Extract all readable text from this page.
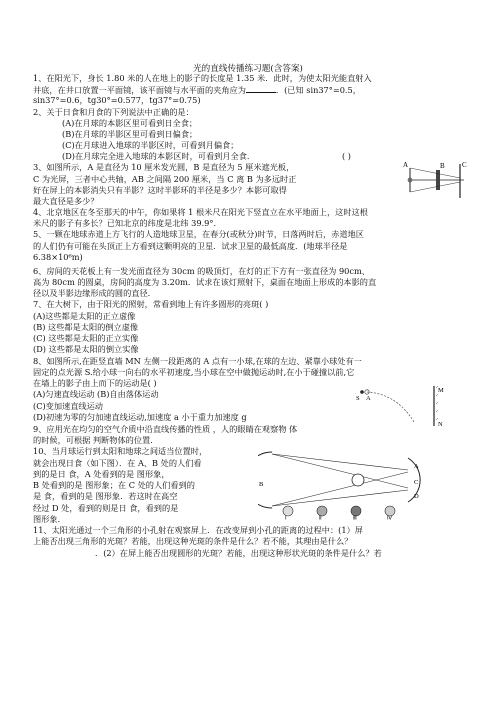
光的直线传播练习题(含答案)
1、在阳光下，身长 1.80 米的人在地上的影子的长度是 1.35 米．此时，为使太阳光能直射入
井底，在井口放置一平面镜，该平面镜与水平面的夹角应为	．(已知 sin37°=0.5，
sin37°=0.6，tg30°=0.577，tg37°=0.75)
2、关于日食和月食的下列说法中正确的是：
(A)在月球的本影区里可看到日全食；
(B)在月球的半影区里可看到日偏食；
(C)在月球进入地球的半影区时，可看到月偏食；
(D)在月球完全进入地球的本影区时，可看到月全食．	( )
3、如图所示，A 是直径为 10 厘米发光圆，B 是直径为 5 厘米遮光板，
C 为光屏，三者中心共轴，AB 之间隔 200 厘米，当 C 离 B 为多远时正
好在屏上的本影消失只有半影？这时半影环的半径是多少？本影可取得
最大直径是多少？
A	B C
4、北京地区在冬至那天的中午，你如果将 1 根米尺在阳光下竖直立在水平地面上，这时这根
米尺的影子有多长？已知北京的纬度是北纬 39.9°.
5、一颗在地球赤道上方飞行的人造地球卫星，在春分(或秋分)时节，日落两时后，赤道地区
的人们仍有可能在头顶正上方看到这颗明亮的卫星．试求卫星的最低高度．(地球半径是
6.38×10⁶m)
6、房间的天花板上有一发光面直径为 30cm 的吸顶灯，在灯的正下方有一张直径为 90cm、
高为 80cm 的圆桌，房间的高度为 3.20m．试求在该灯照射下，桌面在地面上形成的本影的直
径以及半影边缘形成的圆的直径.
7、在大树下，由于阳光的照射，常看到地上有许多圆形的亮斑( )
(A)这些都是太阳的正立虚像
(B) 这些都是太阳的倒立虚像
(C) 这些都是太阳的正立实像
(D) 这些都是太阳的倒立实像
8、如图所示,在距竖直墙 MN 左侧一段距离的 A 点有一小球,在球的左边、紧靠小球处有一
固定的点光源 S.给小球一向右的水平初速度,当小球在空中做抛运动时,在小于碰撞以前,它
在墙上的影子由上而下的运动是( )
(A)匀速直线运动 (B)自由落体运动
(C)变加速直线运动
(D)初速为零的匀加速直线运动,加速度 a 小于重力加速度 g
M
N
S A
9、应用光在均匀的空气介质中沿直线传播的性质 ，人的眼睛在观察物 体
的时候，可根据 判断物体的位置．
10、当月球运行到太阳和地球之间适当位置时，
就会出现日食（如下图）．在 A、B 处的人们看
到的是日 食，A 处看到的是 图形象，
B 处看到的是 图形象；在 C 处的人们看到的
是 食，看到的是 图形象．若这时在高空
经过 D 处，看到的则是日 食，看到的是
图形象．
B
A
C
D
Ⅰ	Ⅱ	Ⅲ	Ⅳ
11、太阳光通过一个三角形的小孔射在观察屏上．在改变屏到小孔的距离的过程中：(1）屏
上能否出现三角形的光斑？若能，出现这种光斑的条件是什么？若不能，其理由是什么？
．(2）在屏上能否出现圆形的光斑？若能，出现这种形状光斑的条件是什么？若
